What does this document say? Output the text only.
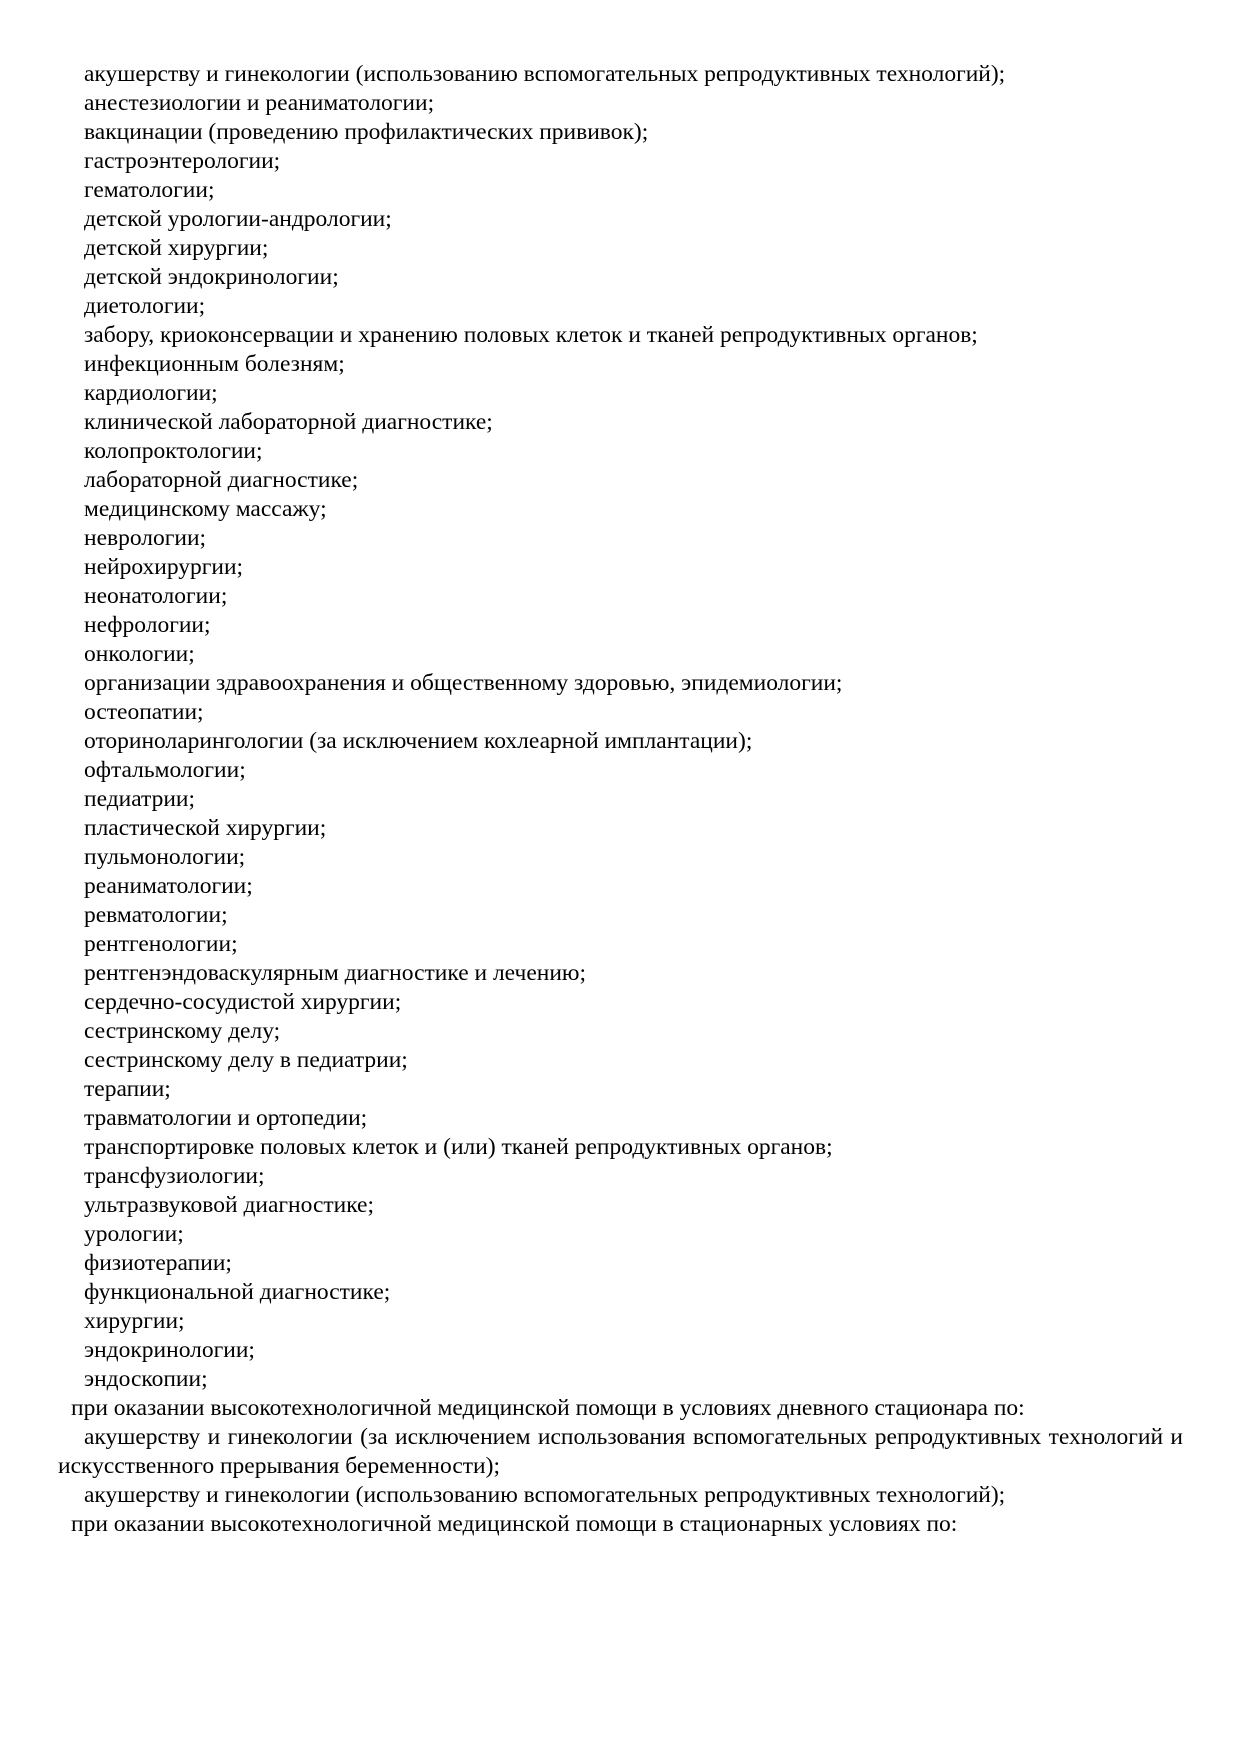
акушерству и гинекологии (использованию вспомогательных репродуктивных технологий);

анестезиологии и реаниматологии;

вакцинации (проведению профилактических прививок);

гастроэнтерологии;

гематологии;

детской урологии-андрологии;

детской хирургии;

детской эндокринологии;

диетологии;

забору, криоконсервации и хранению половых клеток и тканей репродуктивных органов;

инфекционным болезням;

кардиологии;

клинической лабораторной диагностике;

колопроктологии;

лабораторной диагностике;

медицинскому массажу;

неврологии;

нейрохирургии;

неонатологии;

нефрологии;

онкологии;

организации здравоохранения и общественному здоровью, эпидемиологии;

остеопатии;

оториноларингологии (за исключением кохлеарной имплантации);

офтальмологии;

педиатрии;

пластической хирургии;

пульмонологии;

реаниматологии;

ревматологии;

рентгенологии;

рентгенэндоваскулярным диагностике и лечению;

сердечно-сосудистой хирургии;

сестринскому делу;

сестринскому делу в педиатрии;

терапии;

травматологии и ортопедии;

транспортировке половых клеток и (или) тканей репродуктивных органов;

трансфузиологии;

ультразвуковой диагностике;

урологии;

физиотерапии;

функциональной диагностике;

хирургии;

эндокринологии;

эндоскопии;

при оказании высокотехнологичной медицинской помощи в условиях дневного стационара по:

акушерству и гинекологии (за исключением использования вспомогательных репродуктивных технологий и искусственного прерывания беременности);

акушерству и гинекологии (использованию вспомогательных репродуктивных технологий);

при оказании высокотехнологичной медицинской помощи в стационарных условиях по:
